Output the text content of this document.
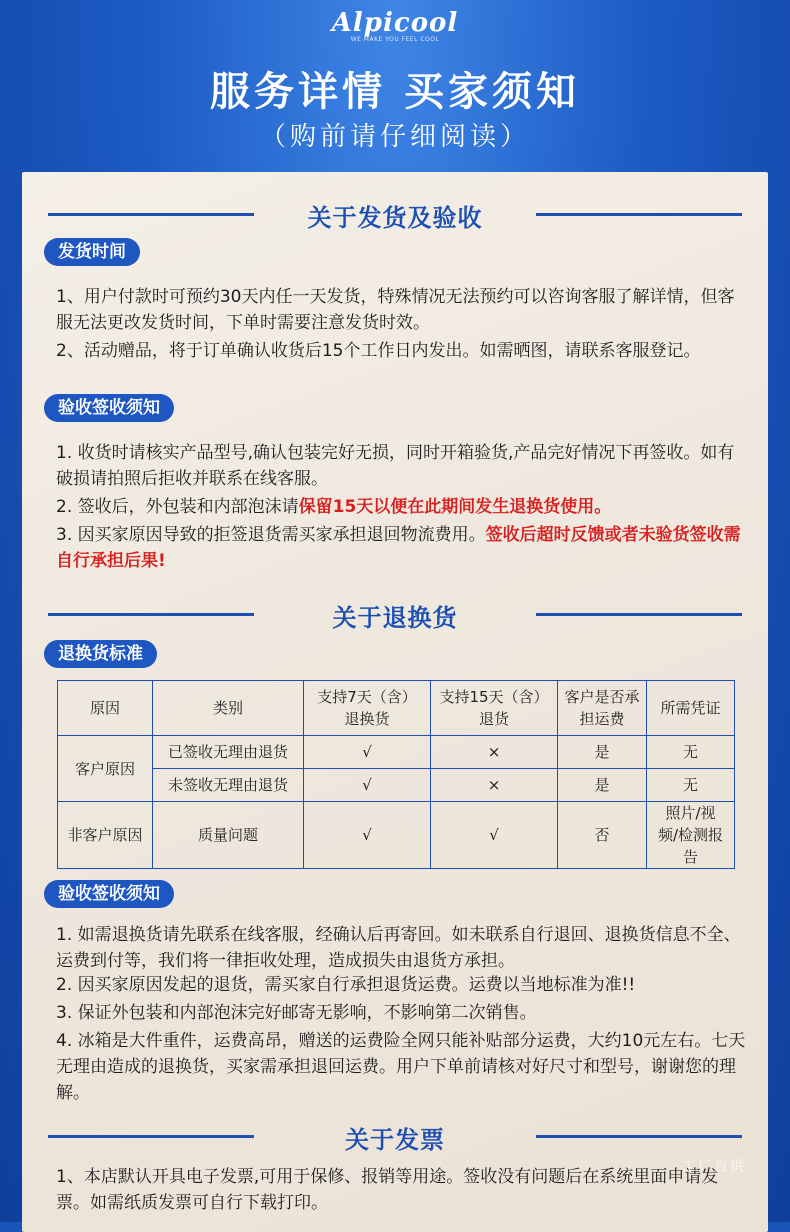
Alpicool
WE MAKE YOU FEEL COOL
服务详情 买家须知
（购前请仔细阅读）
关于发货及验收
发货时间
1、用户付款时可预约30天内任一天发货，特殊情况无法预约可以咨询客服了解详情，但客服无法更改发货时间，下单时需要注意发货时效。
2、活动赠品，将于订单确认收货后15个工作日内发出。如需晒图，请联系客服登记。
验收签收须知
1. 收货时请核实产品型号,确认包装完好无损，同时开箱验货,产品完好情况下再签收。如有破损请拍照后拒收并联系在线客服。
2. 签收后，外包装和内部泡沫请保留15天以便在此期间发生退换货使用。
3. 因买家原因导致的拒签退货需买家承担退回物流费用。签收后超时反馈或者未验货签收需自行承担后果!
关于退换货
退换货标准
原因	类别	支持7天（含）退换货	支持15天（含）退货	客户是否承担运费	所需凭证
客户原因	已签收无理由退货	√	×	是	无
	未签收无理由退货	√	×	是	无
非客户原因	质量问题	√	√	否	照片/视频/检测报告
验收签收须知
1. 如需退换货请先联系在线客服，经确认后再寄回。如未联系自行退回、退换货信息不全、运费到付等，我们将一律拒收处理，造成损失由退货方承担。
2. 因买家原因发起的退货，需买家自行承担退货运费。运费以当地标准为准!!
3. 保证外包装和内部泡沫完好邮寄无影响，不影响第二次销售。
4. 冰箱是大件重件，运费高昂，赠送的运费险全网只能补贴部分运费，大约10元左右。七天无理由造成的退换货，买家需承担退回运费。用户下单前请核对好尺寸和型号，谢谢您的理解。
关于发票
1、本店默认开具电子发票,可用于保修、报销等用途。签收没有问题后在系统里面申请发票。如需纸质发票可自行下载打印。
工厂直供
